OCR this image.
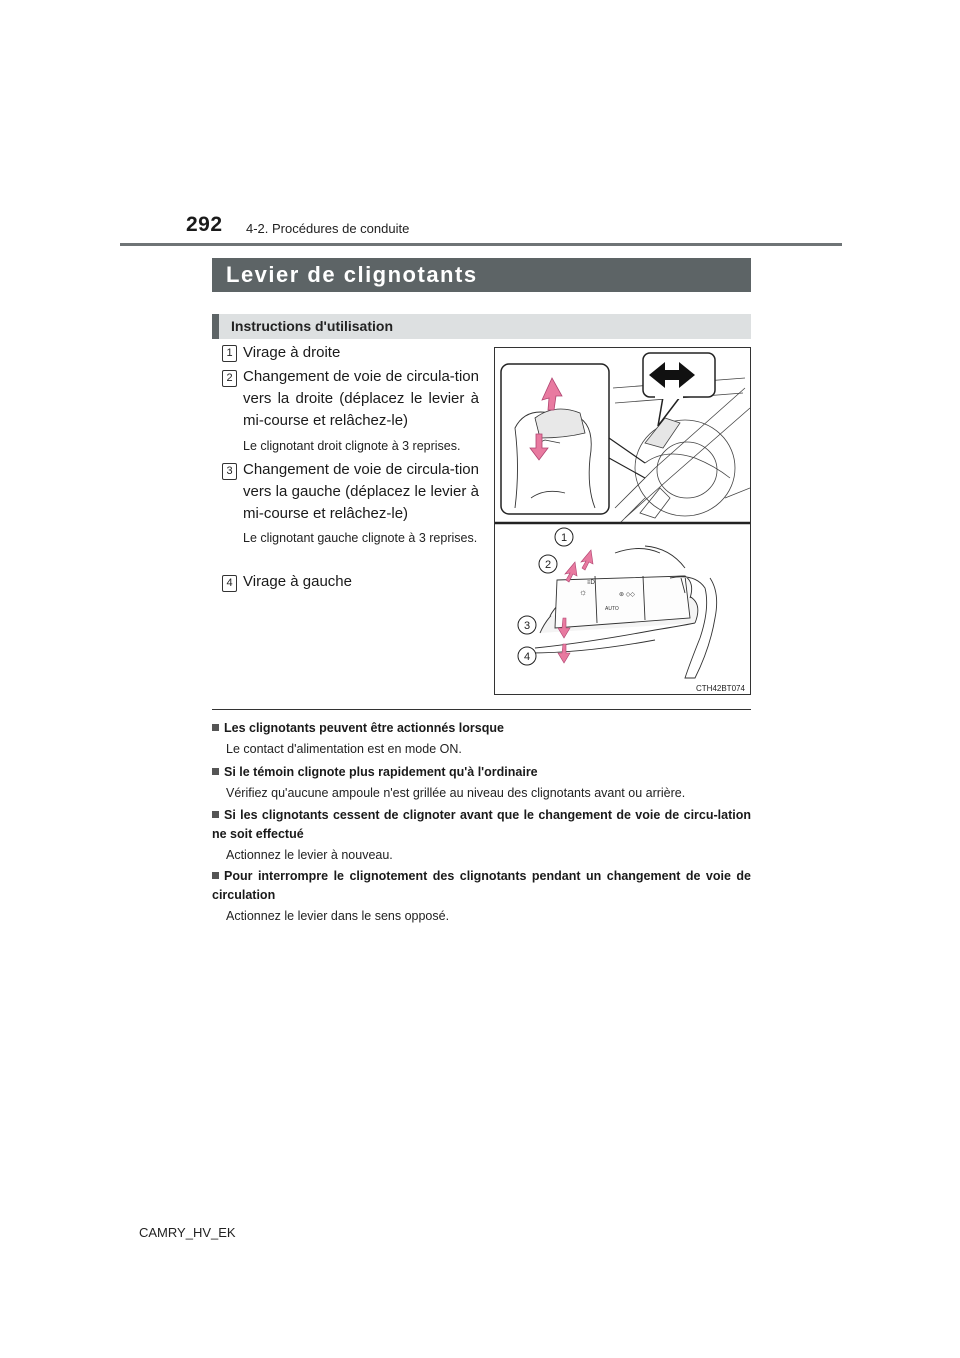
292 4-2. Procédures de conduite
Levier de clignotants
Instructions d'utilisation
1 Virage à droite
2 Changement de voie de circula-tion vers la droite (déplacez le levier à mi-course et relâchez-le)
Le clignotant droit clignote à 3 reprises.
3 Changement de voie de circula-tion vers la gauche (déplacez le levier à mi-course et relâchez-le)
Le clignotant gauche clignote à 3 reprises.
4 Virage à gauche
AUTO
☼
≡D
⊛ ◇◇
1
2
3
4
CTH42BT074
Les clignotants peuvent être actionnés lorsque
Le contact d'alimentation est en mode ON.
Si le témoin clignote plus rapidement qu'à l'ordinaire
Vérifiez qu'aucune ampoule n'est grillée au niveau des clignotants avant ou arrière.
Si les clignotants cessent de clignoter avant que le changement de voie de circu-lation ne soit effectué
Actionnez le levier à nouveau.
Pour interrompre le clignotement des clignotants pendant un changement de voie de circulation
Actionnez le levier dans le sens opposé.
CAMRY_HV_EK
